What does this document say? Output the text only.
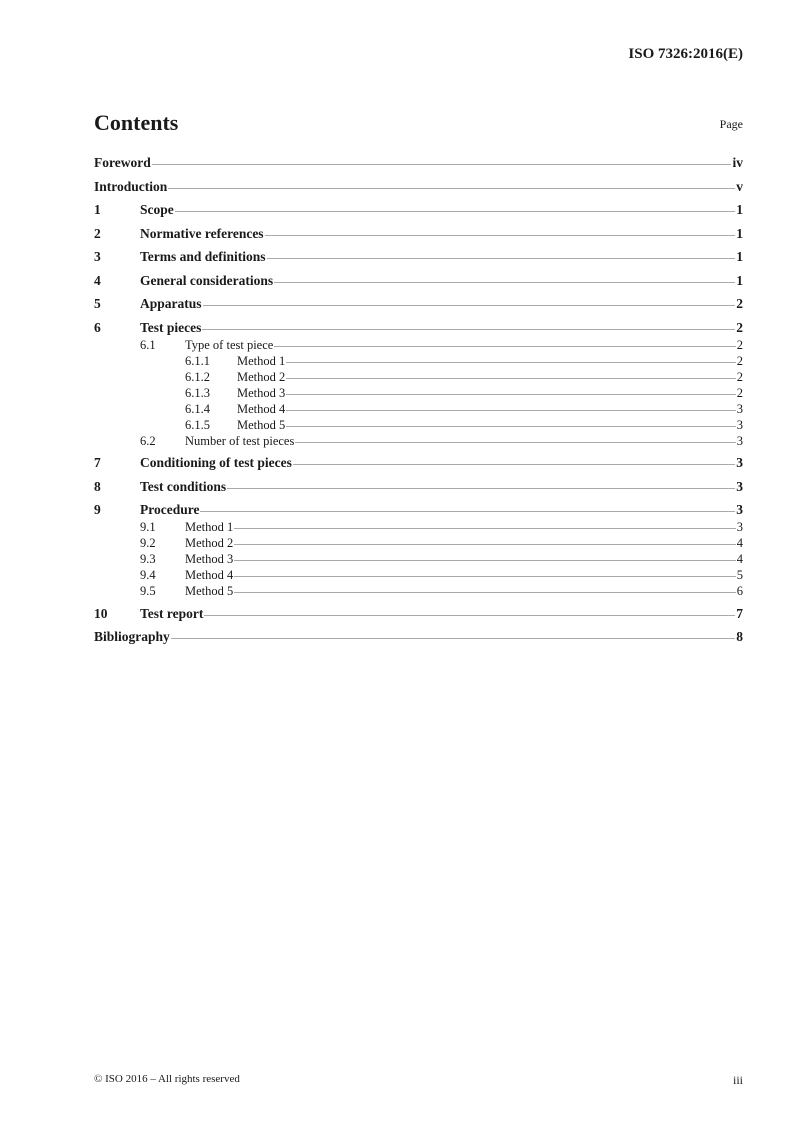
ISO 7326:2016(E)
Contents	Page
Foreword	iv
Introduction	v
1	Scope	1
2	Normative references	1
3	Terms and definitions	1
4	General considerations	1
5	Apparatus	2
6	Test pieces	2
6.1	Type of test piece	2
6.1.1	Method 1	2
6.1.2	Method 2	2
6.1.3	Method 3	2
6.1.4	Method 4	3
6.1.5	Method 5	3
6.2	Number of test pieces	3
7	Conditioning of test pieces	3
8	Test conditions	3
9	Procedure	3
9.1	Method 1	3
9.2	Method 2	4
9.3	Method 3	4
9.4	Method 4	5
9.5	Method 5	6
10	Test report	7
Bibliography	8
© ISO 2016 – All rights reserved	iii
